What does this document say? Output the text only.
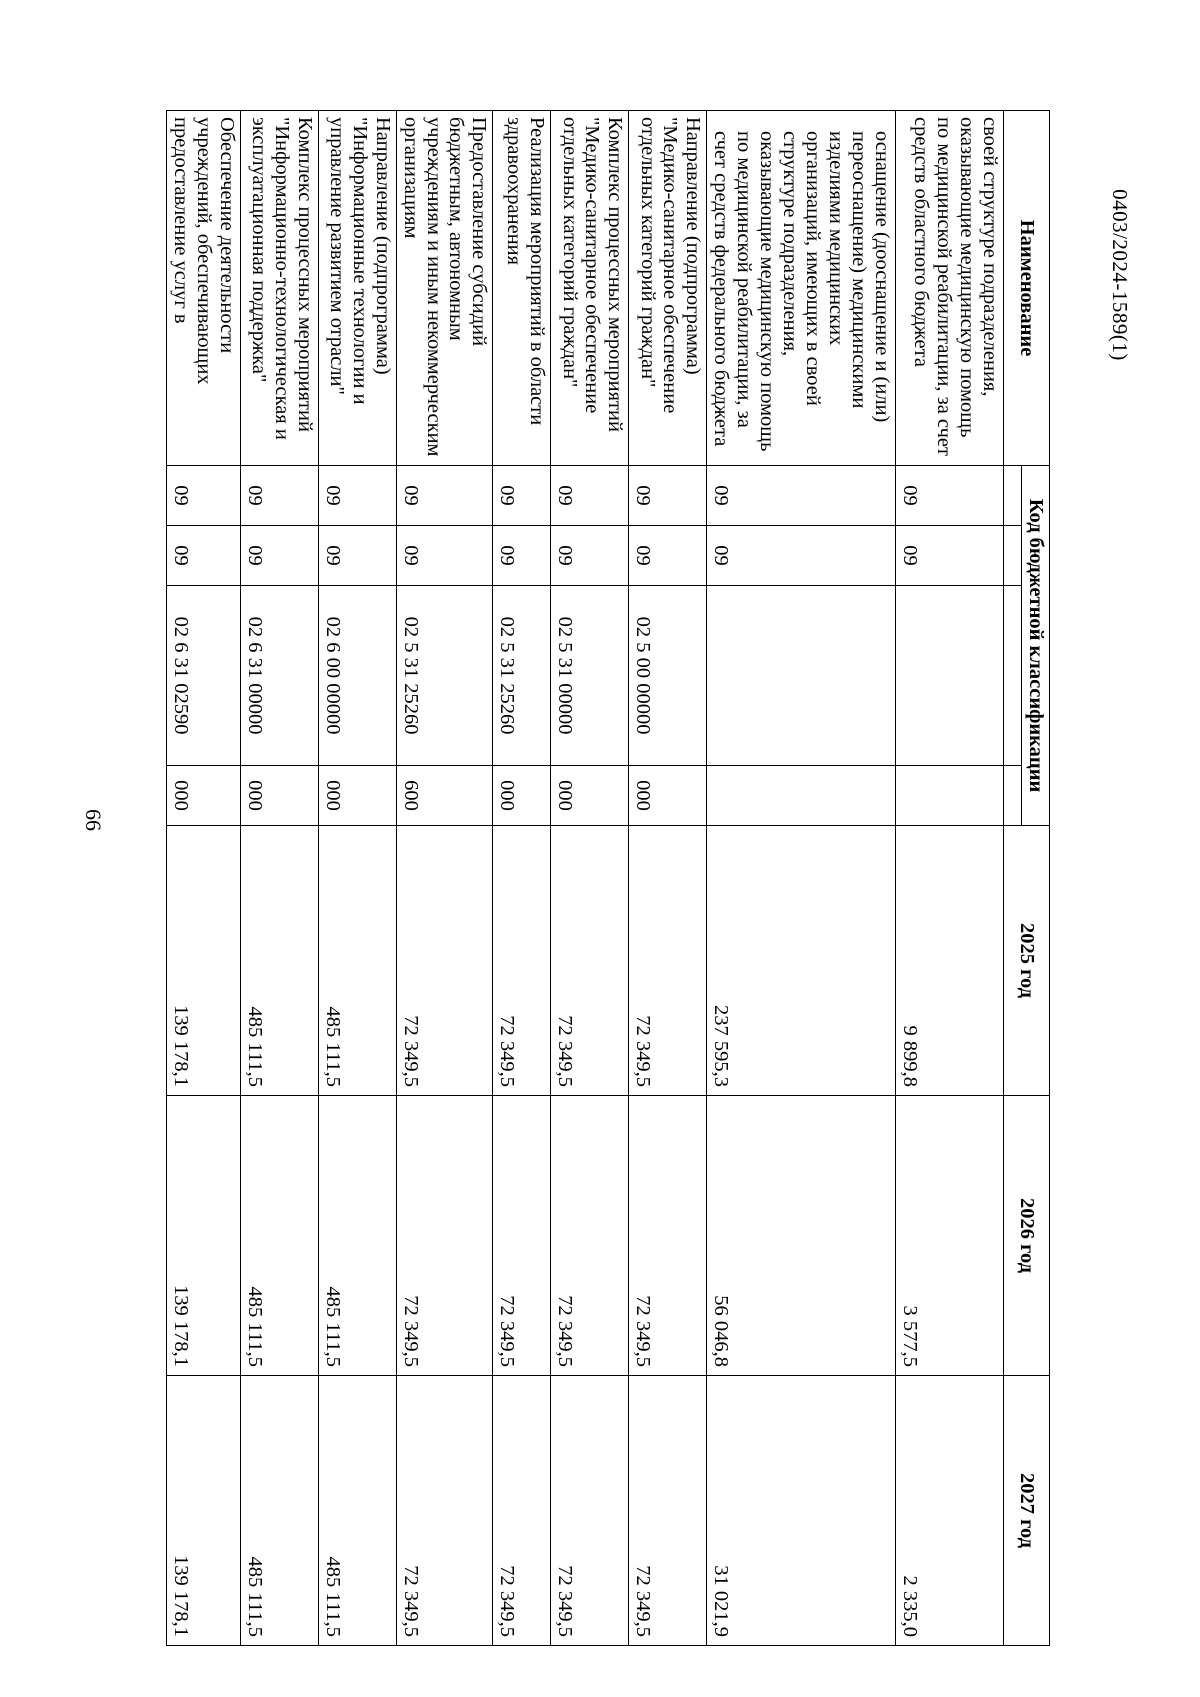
66
0403/2024-1589(1)
Наименование	Код бюджетной классификации				2025 год	2026 год	2027 год

своей структуре подразделения, оказывающие медицинскую помощь по медицинской реабилитации, за счет средств областного бюджета	09	09			9 899,8	3 577,5	2 335,0

оснащение (дооснащение и (или) переоснащение) медицинскими изделиями медицинских организаций, имеющих в своей структуре подразделения, оказывающие медицинскую помощь по медицинской реабилитации, за счет средств федерального бюджета	09	09			237 595,3	56 046,8	31 021,9
Направление (подпрограмма) "Медико-санитарное обеспечение отдельных категорий граждан"	09	09	02 5 00 00000	000	72 349,5	72 349,5	72 349,5
Комплекс процессных мероприятий "Медико-санитарное обеспечение отдельных категорий граждан"	09	09	02 5 31 00000	000	72 349,5	72 349,5	72 349,5
Реализация мероприятий в области здравоохранения	09	09	02 5 31 25260	000	72 349,5	72 349,5	72 349,5
Предоставление субсидий бюджетным, автономным учреждениям и иным некоммерческим организациям	09	09	02 5 31 25260	600	72 349,5	72 349,5	72 349,5
Направление (подпрограмма) "Информационные технологии и управление развитием отрасли"	09	09	02 6 00 00000	000	485 111,5	485 111,5	485 111,5
Комплекс процессных мероприятий "Информационно-технологическая и эксплуатационная поддержка"	09	09	02 6 31 00000	000	485 111,5	485 111,5	485 111,5
Обеспечение деятельности учреждений, обеспечивающих предоставление услуг в	09	09	02 6 31 02590	000	139 178,1	139 178,1	139 178,1
